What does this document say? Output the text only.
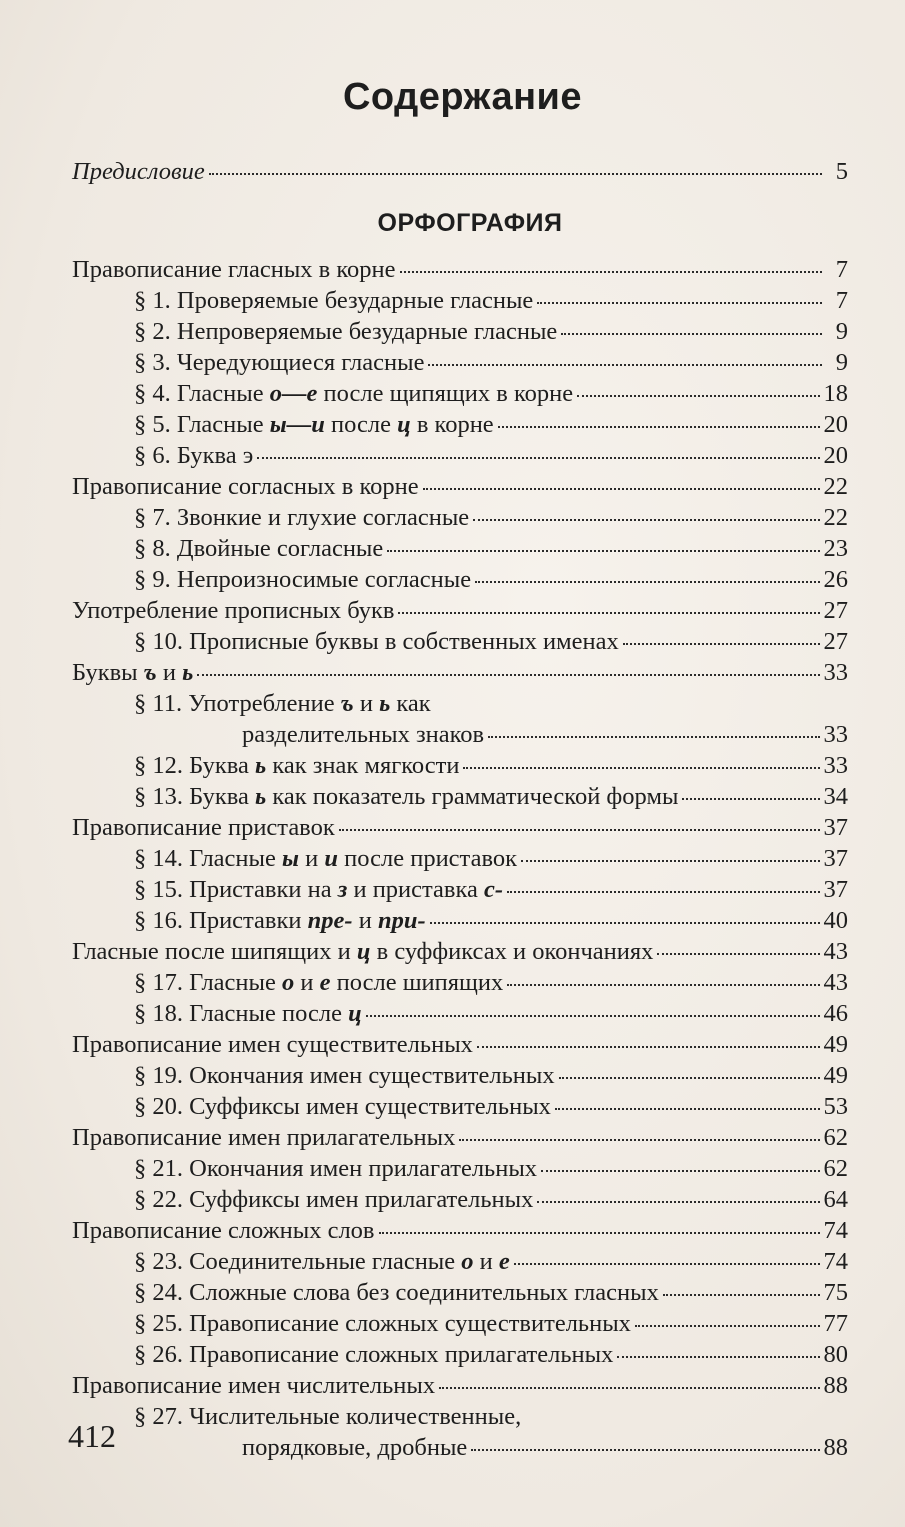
Содержание
Предисловие	5
ОРФОГРАФИЯ
Правописание гласных в корне	7
§ 1. Проверяемые безударные гласные	7
§ 2. Непроверяемые безударные гласные	9
§ 3. Чередующиеся гласные	9
§ 4. Гласные о—е после щипящих в корне	18
§ 5. Гласные ы—и после ц в корне	20
§ 6. Буква э	20
Правописание согласных в корне	22
§ 7. Звонкие и глухие согласные	22
§ 8. Двойные согласные	23
§ 9. Непроизносимые согласные	26
Употребление прописных букв	27
§ 10. Прописные буквы в собственных именах	27
Буквы ъ и ь	33
§ 11. Употребление ъ и ь как
разделительных знаков	33
§ 12. Буква ь как знак мягкости	33
§ 13. Буква ь как показатель грамматической формы	34
Правописание приставок	37
§ 14. Гласные ы и и после приставок	37
§ 15. Приставки на з и приставка с-	37
§ 16. Приставки пре- и при-	40
Гласные после шипящих и ц в суффиксах и окончаниях	43
§ 17. Гласные о и е после шипящих	43
§ 18. Гласные после ц	46
Правописание имен существительных	49
§ 19. Окончания имен существительных	49
§ 20. Суффиксы имен существительных	53
Правописание имен прилагательных	62
§ 21. Окончания имен прилагательных	62
§ 22. Суффиксы имен прилагательных	64
Правописание сложных слов	74
§ 23. Соединительные гласные о и е	74
§ 24. Сложные слова без соединительных гласных	75
§ 25. Правописание сложных существительных	77
§ 26. Правописание сложных прилагательных	80
Правописание имен числительных	88
§ 27. Числительные количественные,
порядковые, дробные	88
412
